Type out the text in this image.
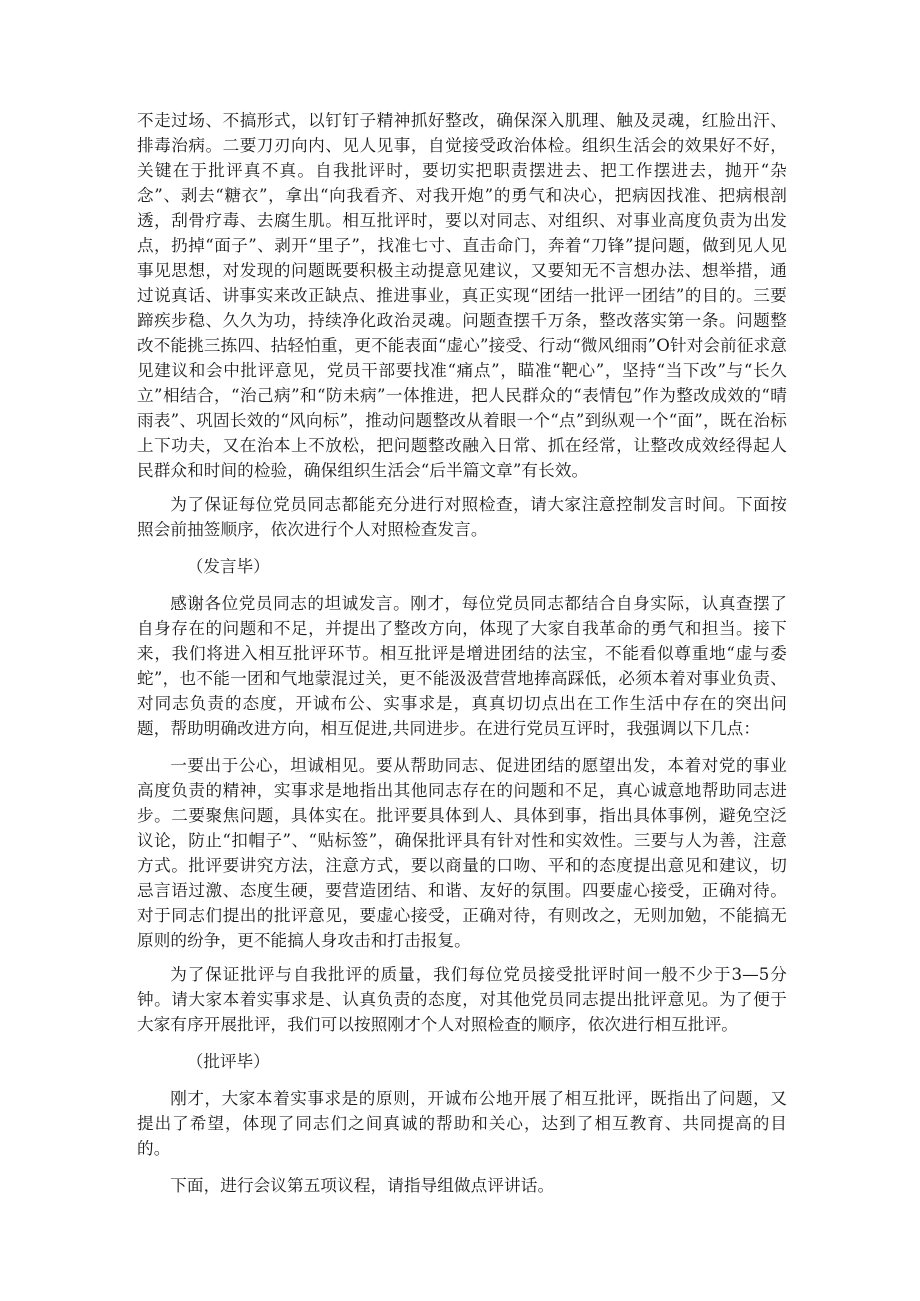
不走过场、不搞形式，以钉钉子精神抓好整改，确保深入肌理、触及灵魂，红脸出汗、排毒治病。二要刀刃向内、见人见事，自觉接受政治体检。组织生活会的效果好不好，关键在于批评真不真。自我批评时，要切实把职责摆进去、把工作摆进去，抛开“杂念”、剥去“糖衣”，拿出“向我看齐、对我开炮”的勇气和决心，把病因找准、把病根剖透，刮骨疗毒、去腐生肌。相互批评时，要以对同志、对组织、对事业高度负责为出发点，扔掉“面子”、剥开“里子”，找准七寸、直击命门，奔着“刀锋”提问题，做到见人见事见思想，对发现的问题既要积极主动提意见建议，又要知无不言想办法、想举措，通过说真话、讲事实来改正缺点、推进事业，真正实现“团结一批评一团结”的目的。三要蹄疾步稳、久久为功，持续净化政治灵魂。问题查摆千万条，整改落实第一条。问题整改不能挑三拣四、拈轻怕重，更不能表面“虚心”接受、行动“微风细雨”O针对会前征求意见建议和会中批评意见，党员干部要找准“痛点”，瞄准“靶心”，坚持“当下改”与“长久立”相结合，“治己病”和“防未病”一体推进，把人民群众的“表情包”作为整改成效的“晴雨表”、巩固长效的“风向标”，推动问题整改从着眼一个“点”到纵观一个“面”，既在治标上下功夫，又在治本上不放松，把问题整改融入日常、抓在经常，让整改成效经得起人民群众和时间的检验，确保组织生活会“后半篇文章”有长效。

为了保证每位党员同志都能充分进行对照检查，请大家注意控制发言时间。下面按照会前抽签顺序，依次进行个人对照检查发言。

（发言毕）

感谢各位党员同志的坦诚发言。刚才，每位党员同志都结合自身实际，认真查摆了自身存在的问题和不足，并提出了整改方向，体现了大家自我革命的勇气和担当。接下来，我们将进入相互批评环节。相互批评是增进团结的法宝，不能看似尊重地“虚与委蛇”，也不能一团和气地蒙混过关，更不能汲汲营营地捧高踩低，必须本着对事业负责、对同志负责的态度，开诚布公、实事求是，真真切切点出在工作生活中存在的突出问题，帮助明确改进方向，相互促进,共同进步。在进行党员互评时，我强调以下几点：

一要出于公心，坦诚相见。要从帮助同志、促进团结的愿望出发，本着对党的事业高度负责的精神，实事求是地指出其他同志存在的问题和不足，真心诚意地帮助同志进步。二要聚焦问题，具体实在。批评要具体到人、具体到事，指出具体事例，避免空泛议论，防止“扣帽子”、“贴标签”，确保批评具有针对性和实效性。三要与人为善，注意方式。批评要讲究方法，注意方式，要以商量的口吻、平和的态度提出意见和建议，切忌言语过激、态度生硬，要营造团结、和谐、友好的氛围。四要虚心接受，正确对待。对于同志们提出的批评意见，要虚心接受，正确对待，有则改之，无则加勉，不能搞无原则的纷争，更不能搞人身攻击和打击报复。

为了保证批评与自我批评的质量，我们每位党员接受批评时间一般不少于3—5分钟。请大家本着实事求是、认真负责的态度，对其他党员同志提出批评意见。为了便于大家有序开展批评，我们可以按照刚才个人对照检查的顺序，依次进行相互批评。

（批评毕）

刚才，大家本着实事求是的原则，开诚布公地开展了相互批评，既指出了问题，又提出了希望，体现了同志们之间真诚的帮助和关心，达到了相互教育、共同提高的目的。

下面，进行会议第五项议程，请指导组做点评讲话。
